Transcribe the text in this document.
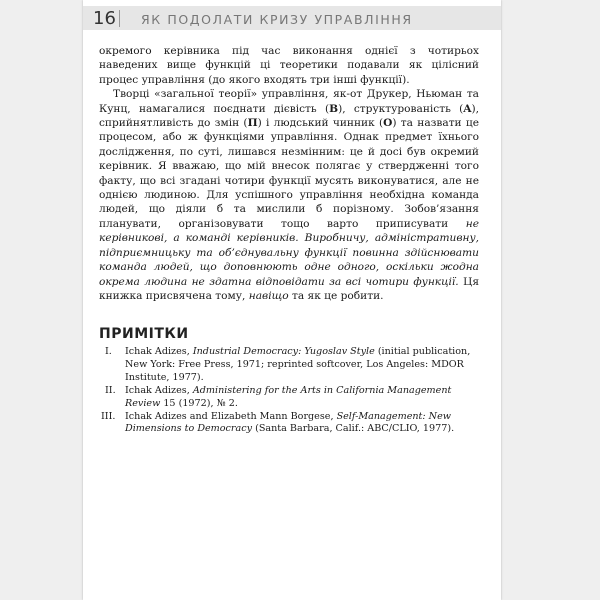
16 ЯК ПОДОЛАТИ КРИЗУ УПРАВЛІННЯ

окремого керівника під час виконання однієї з чотирьох наведених вище функцій ці теоретики подавали як цілісний процес управління (до якого входять три інші функції).

Творці «загальної теорії» управління, як-от Друкер, Ньюман та Кунц, намагалися поєднати дієвість (B), структурованість (A), сприйнятливість до змін (П) і людський чинник (О) та назвати це процесом, або ж функціями управління. Однак предмет їхнього дослідження, по суті, лишався незмінним: це й досі був окремий керівник. Я вважаю, що мій внесок полягає у ствердженні того факту, що всі згадані чотири функції мусять виконуватися, але не однією людиною. Для успішного управління необхідна команда людей, що діяли б та мислили б порізному. Зобов’язання планувати, організовувати тощо варто приписувати не керівникові, а команді керівників. Виробничу, адміністративну, підприємницьку та об’єднувальну функції повинна здійснювати команда людей, що доповнюють одне одного, оскільки жодна окрема людина не здатна відповідати за всі чотири функції. Ця книжка присвячена тому, навіщо та як це робити.

ПРИМІТКИ
I. Ichak Adizes, Industrial Democracy: Yugoslav Style (initial publication, New York: Free Press, 1971; reprinted softcover, Los Angeles: MDOR Institute, 1977).
II. Ichak Adizes, Administering for the Arts in California Management Review 15 (1972), № 2.
III. Ichak Adizes and Elizabeth Mann Borgese, Self-Management: New Dimensions to Democracy (Santa Barbara, Calif.: ABC/CLIO, 1977).
